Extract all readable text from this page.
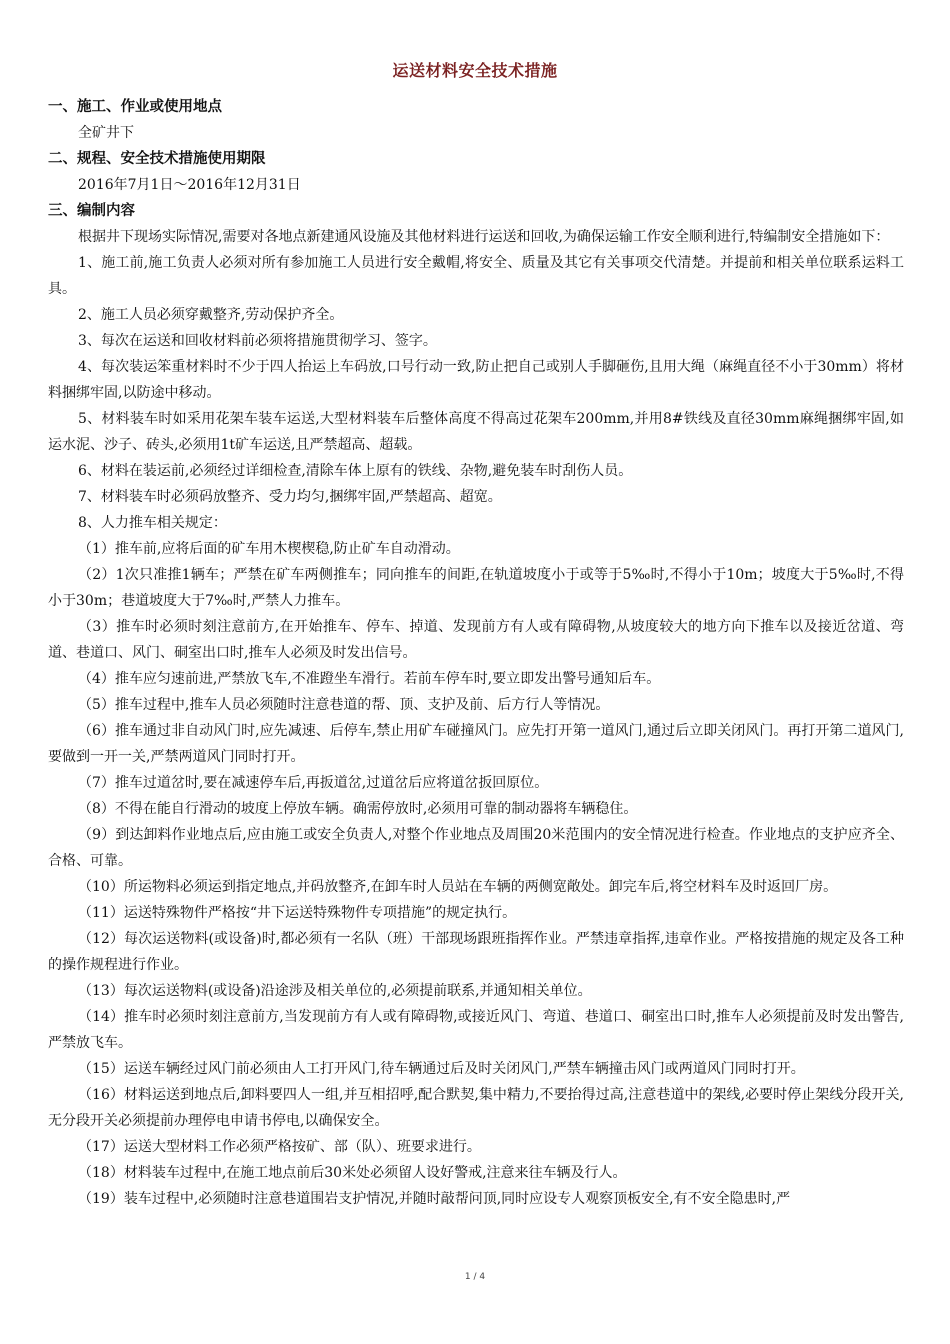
运送材料安全技术措施

一、施工、作业或使用地点

全矿井下

二、规程、安全技术措施使用期限

2016年7月1日～2016年12月31日

三、编制内容

根据井下现场实际情况,需要对各地点新建通风设施及其他材料进行运送和回收,为确保运输工作安全顺利进行,特编制安全措施如下：

1、施工前,施工负责人必须对所有参加施工人员进行安全戴帽,将安全、质量及其它有关事项交代清楚。并提前和相关单位联系运料工具。

2、施工人员必须穿戴整齐,劳动保护齐全。

3、每次在运送和回收材料前必须将措施贯彻学习、签字。

4、每次装运笨重材料时不少于四人抬运上车码放,口号行动一致,防止把自己或别人手脚砸伤,且用大绳（麻绳直径不小于30mm）将材料捆绑牢固,以防途中移动。

5、材料装车时如采用花架车装车运送,大型材料装车后整体高度不得高过花架车200mm,并用8#铁线及直径30mm麻绳捆绑牢固,如运水泥、沙子、砖头,必须用1t矿车运送,且严禁超高、超载。

6、材料在装运前,必须经过详细检查,清除车体上原有的铁线、杂物,避免装车时刮伤人员。

7、材料装车时必须码放整齐、受力均匀,捆绑牢固,严禁超高、超宽。

8、人力推车相关规定：

（1）推车前,应将后面的矿车用木楔楔稳,防止矿车自动滑动。

（2）1次只准推1辆车；严禁在矿车两侧推车；同向推车的间距,在轨道坡度小于或等于5‰时,不得小于10m；坡度大于5‰时,不得小于30m；巷道坡度大于7‰时,严禁人力推车。

（3）推车时必须时刻注意前方,在开始推车、停车、掉道、发现前方有人或有障碍物,从坡度较大的地方向下推车以及接近岔道、弯道、巷道口、风门、硐室出口时,推车人必须及时发出信号。

（4）推车应匀速前进,严禁放飞车,不准蹬坐车滑行。若前车停车时,要立即发出警号通知后车。

（5）推车过程中,推车人员必须随时注意巷道的帮、顶、支护及前、后方行人等情况。

（6）推车通过非自动风门时,应先减速、后停车,禁止用矿车碰撞风门。应先打开第一道风门,通过后立即关闭风门。再打开第二道风门,要做到一开一关,严禁两道风门同时打开。

（7）推车过道岔时,要在减速停车后,再扳道岔,过道岔后应将道岔扳回原位。

（8）不得在能自行滑动的坡度上停放车辆。确需停放时,必须用可靠的制动器将车辆稳住。

（9）到达卸料作业地点后,应由施工或安全负责人,对整个作业地点及周围20米范围内的安全情况进行检查。作业地点的支护应齐全、合格、可靠。

（10）所运物料必须运到指定地点,并码放整齐,在卸车时人员站在车辆的两侧宽敞处。卸完车后,将空材料车及时返回厂房。

（11）运送特殊物件严格按“井下运送特殊物件专项措施”的规定执行。

（12）每次运送物料(或设备)时,都必须有一名队（班）干部现场跟班指挥作业。严禁违章指挥,违章作业。严格按措施的规定及各工种的操作规程进行作业。

（13）每次运送物料(或设备)沿途涉及相关单位的,必须提前联系,并通知相关单位。

（14）推车时必须时刻注意前方,当发现前方有人或有障碍物,或接近风门、弯道、巷道口、硐室出口时,推车人必须提前及时发出警告,严禁放飞车。

（15）运送车辆经过风门前必须由人工打开风门,待车辆通过后及时关闭风门,严禁车辆撞击风门或两道风门同时打开。

（16）材料运送到地点后,卸料要四人一组,并互相招呼,配合默契,集中精力,不要抬得过高,注意巷道中的架线,必要时停止架线分段开关,无分段开关必须提前办理停电申请书停电,以确保安全。

（17）运送大型材料工作必须严格按矿、部（队）、班要求进行。

（18）材料装车过程中,在施工地点前后30米处必须留人设好警戒,注意来往车辆及行人。

（19）装车过程中,必须随时注意巷道围岩支护情况,并随时敲帮问顶,同时应设专人观察顶板安全,有不安全隐患时,严

1 / 4
